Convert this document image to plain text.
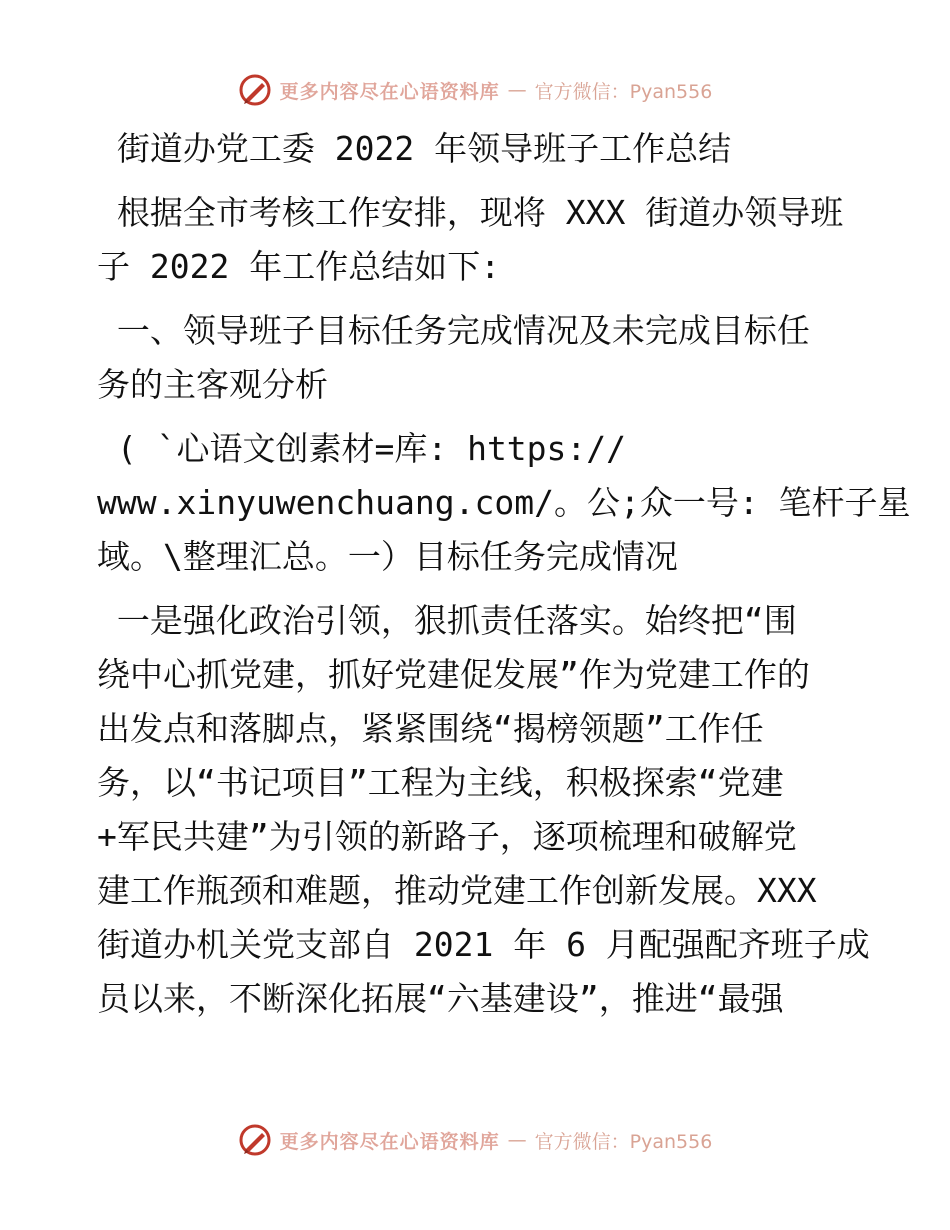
更多内容尽在心语资料库 — 官方微信：Pyan556
街道办党工委 2022 年领导班子工作总结
根据全市考核工作安排，现将 XXX 街道办领导班
子 2022 年工作总结如下:
一、领导班子目标任务完成情况及未完成目标任
务的主客观分析
( `心语文创素材=库: https://
www.xinyuwenchuang.com/。公;众一号: 笔杆子星
域。\整理汇总。一）目标任务完成情况
一是强化政治引领，狠抓责任落实。始终把“围
绕中心抓党建，抓好党建促发展”作为党建工作的
出发点和落脚点，紧紧围绕“揭榜领题”工作任
务，以“书记项目”工程为主线，积极探索“党建
+军民共建”为引领的新路子，逐项梳理和破解党
建工作瓶颈和难题，推动党建工作创新发展。XXX
街道办机关党支部自 2021 年 6 月配强配齐班子成
员以来，不断深化拓展“六基建设”，推进“最强
更多内容尽在心语资料库 — 官方微信：Pyan556
